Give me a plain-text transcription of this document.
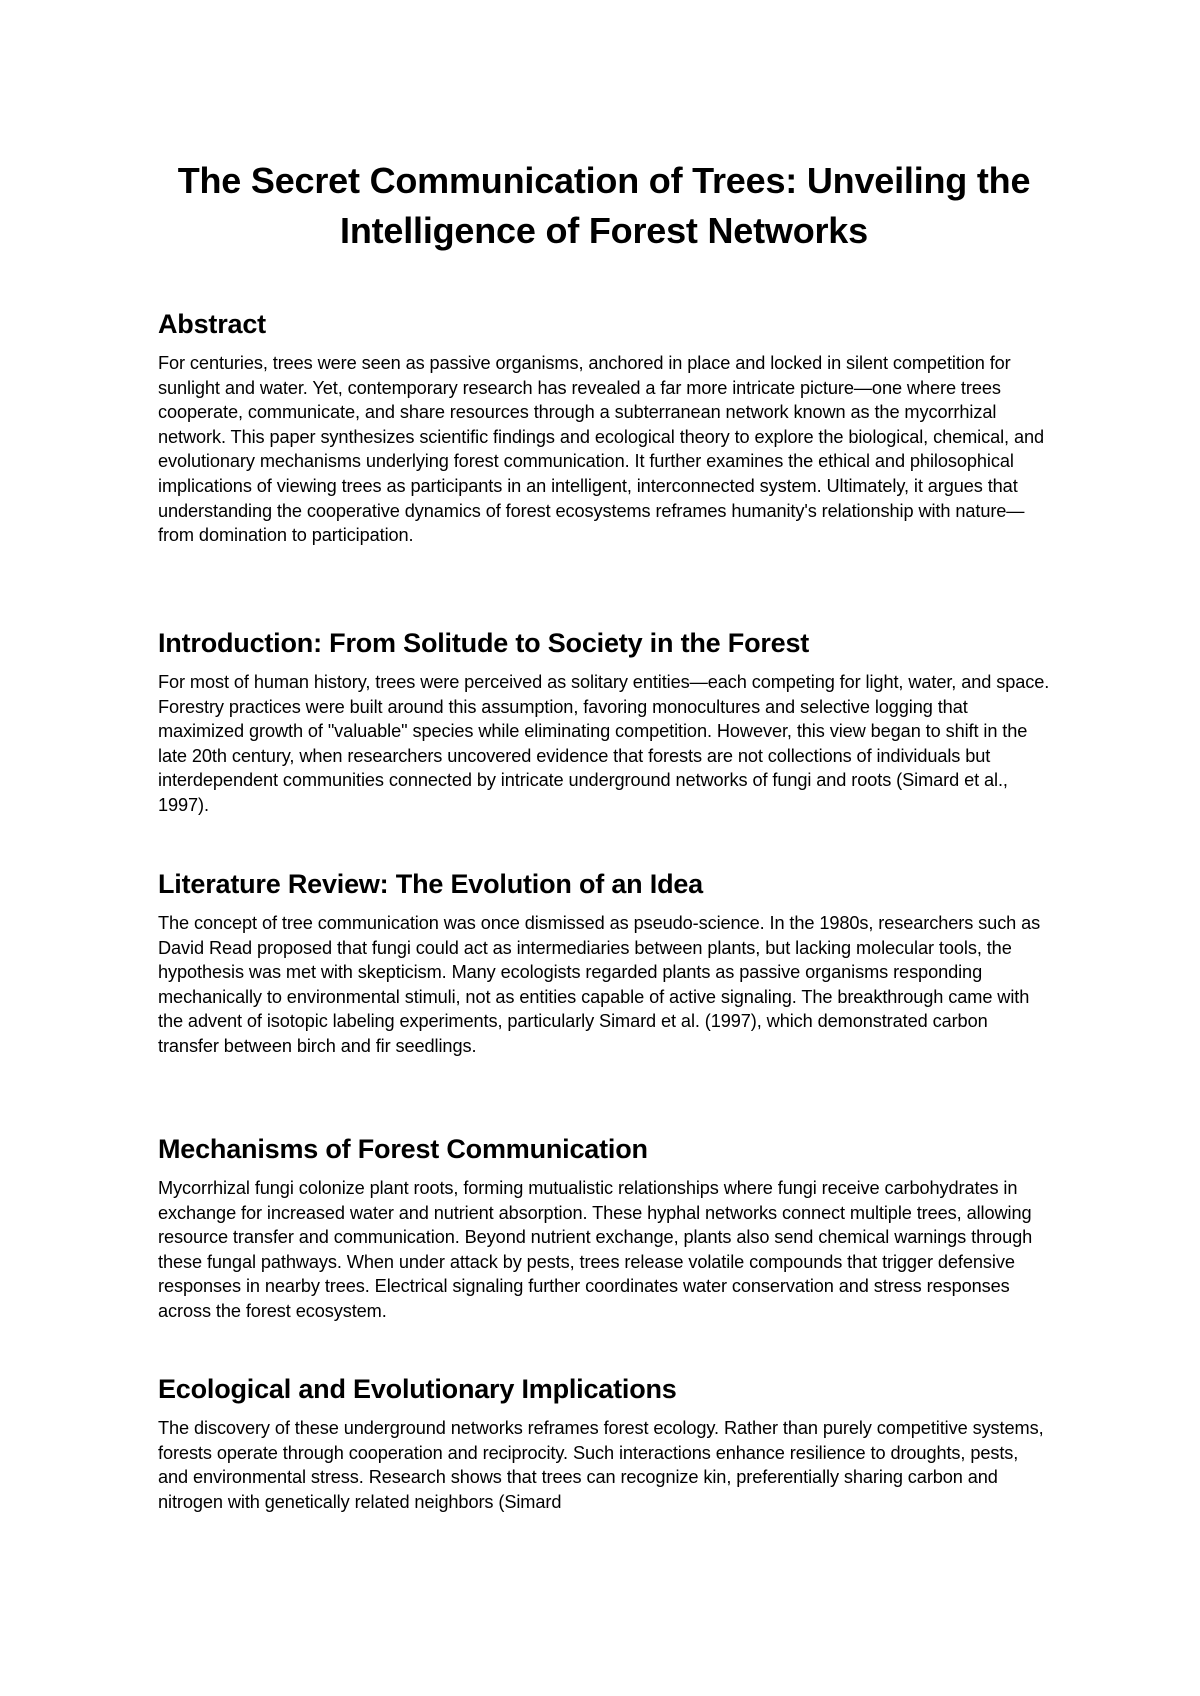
The Secret Communication of Trees: Unveiling the Intelligence of Forest Networks
Abstract

For centuries, trees were seen as passive organisms, anchored in place and locked in silent competition for sunlight and water. Yet, contemporary research has revealed a far more intricate picture—one where trees cooperate, communicate, and share resources through a subterranean network known as the mycorrhizal network. This paper synthesizes scientific findings and ecological theory to explore the biological, chemical, and evolutionary mechanisms underlying forest communication. It further examines the ethical and philosophical implications of viewing trees as participants in an intelligent, interconnected system. Ultimately, it argues that understanding the cooperative dynamics of forest ecosystems reframes humanity's relationship with nature—from domination to participation.

Introduction: From Solitude to Society in the Forest

For most of human history, trees were perceived as solitary entities—each competing for light, water, and space. Forestry practices were built around this assumption, favoring monocultures and selective logging that maximized growth of "valuable" species while eliminating competition. However, this view began to shift in the late 20th century, when researchers uncovered evidence that forests are not collections of individuals but interdependent communities connected by intricate underground networks of fungi and roots (Simard et al., 1997).

Literature Review: The Evolution of an Idea

The concept of tree communication was once dismissed as pseudo-science. In the 1980s, researchers such as David Read proposed that fungi could act as intermediaries between plants, but lacking molecular tools, the hypothesis was met with skepticism. Many ecologists regarded plants as passive organisms responding mechanically to environmental stimuli, not as entities capable of active signaling. The breakthrough came with the advent of isotopic labeling experiments, particularly Simard et al. (1997), which demonstrated carbon transfer between birch and fir seedlings.

Mechanisms of Forest Communication

Mycorrhizal fungi colonize plant roots, forming mutualistic relationships where fungi receive carbohydrates in exchange for increased water and nutrient absorption. These hyphal networks connect multiple trees, allowing resource transfer and communication. Beyond nutrient exchange, plants also send chemical warnings through these fungal pathways. When under attack by pests, trees release volatile compounds that trigger defensive responses in nearby trees. Electrical signaling further coordinates water conservation and stress responses across the forest ecosystem.

Ecological and Evolutionary Implications

The discovery of these underground networks reframes forest ecology. Rather than purely competitive systems, forests operate through cooperation and reciprocity. Such interactions enhance resilience to droughts, pests, and environmental stress. Research shows that trees can recognize kin, preferentially sharing carbon and nitrogen with genetically related neighbors (Simard
